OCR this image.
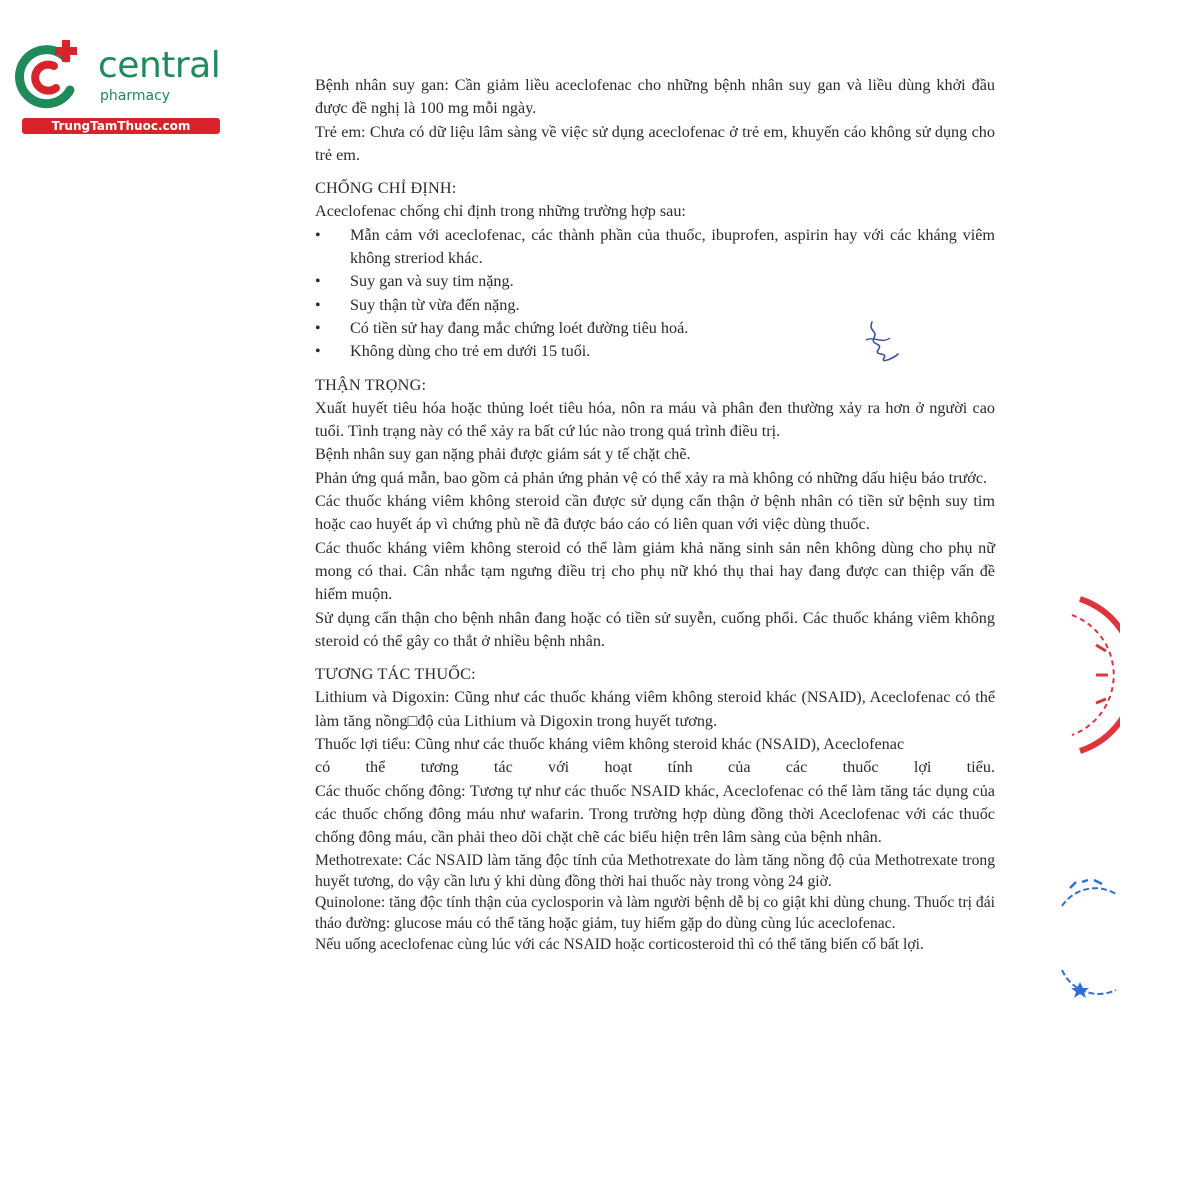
central
pharmacy
TrungTamThuoc.com

Bệnh nhân suy gan: Cần giảm liều aceclofenac cho những bệnh nhân suy gan và liều dùng khởi đầu được đề nghị là 100 mg mỗi ngày.

Trẻ em: Chưa có dữ liệu lâm sàng về việc sử dụng aceclofenac ở trẻ em, khuyến cáo không sử dụng cho trẻ em.

CHỐNG CHỈ ĐỊNH:

Aceclofenac chống chỉ định trong những trường hợp sau:

• Mẫn cảm với aceclofenac, các thành phần của thuốc, ibuprofen, aspirin hay với các kháng viêm không streriod khác.
• Suy gan và suy tim nặng.
• Suy thận từ vừa đến nặng.
• Có tiền sử hay đang mắc chứng loét đường tiêu hoá.
• Không dùng cho trẻ em dưới 15 tuổi.
THẬN TRỌNG:

Xuất huyết tiêu hóa hoặc thủng loét tiêu hóa, nôn ra máu và phân đen thường xảy ra hơn ở người cao tuổi. Tình trạng này có thể xảy ra bất cứ lúc nào trong quá trình điều trị.

Bệnh nhân suy gan nặng phải được giám sát y tế chặt chẽ.

Phản ứng quá mẫn, bao gồm cả phản ứng phản vệ có thể xảy ra mà không có những dấu hiệu báo trước.

Các thuốc kháng viêm không steroid cần được sử dụng cẩn thận ở bệnh nhân có tiền sử bệnh suy tim hoặc cao huyết áp vì chứng phù nề đã được báo cáo có liên quan với việc dùng thuốc.

Các thuốc kháng viêm không steroid có thể làm giảm khả năng sinh sản nên không dùng cho phụ nữ mong có thai. Cân nhắc tạm ngưng điều trị cho phụ nữ khó thụ thai hay đang được can thiệp vấn đề hiếm muộn.

Sử dụng cẩn thận cho bệnh nhân đang hoặc có tiền sử suyễn, cuống phổi. Các thuốc kháng viêm không steroid có thể gây co thắt ở nhiều bệnh nhân.

TƯƠNG TÁC THUỐC:

Lithium và Digoxin: Cũng như các thuốc kháng viêm không steroid khác (NSAID), Aceclofenac có thể làm tăng nồng□độ của Lithium và Digoxin trong huyết tương.

Thuốc lợi tiểu: Cũng như các thuốc kháng viêm không steroid khác (NSAID), Aceclofenac

có thể tương tác với hoạt tính của các thuốc lợi tiểu.

Các thuốc chống đông: Tương tự như các thuốc NSAID khác, Aceclofenac có thể làm tăng tác dụng của các thuốc chống đông máu như wafarin. Trong trường hợp dùng đồng thời Aceclofenac với các thuốc chống đông máu, cần phải theo dõi chặt chẽ các biểu hiện trên lâm sàng của bệnh nhân.

Methotrexate: Các NSAID làm tăng độc tính của Methotrexate do làm tăng nồng độ của Methotrexate trong huyết tương, do vậy cần lưu ý khi dùng đồng thời hai thuốc này trong vòng 24 giờ.

Quinolone: tăng độc tính thận của cyclosporin và làm người bệnh dễ bị co giật khi dùng chung. Thuốc trị đái tháo đường: glucose máu có thể tăng hoặc giảm, tuy hiếm gặp do dùng cùng lúc aceclofenac.

Nếu uống aceclofenac cùng lúc với các NSAID hoặc corticosteroid thì có thể tăng biến cố bất lợi.
